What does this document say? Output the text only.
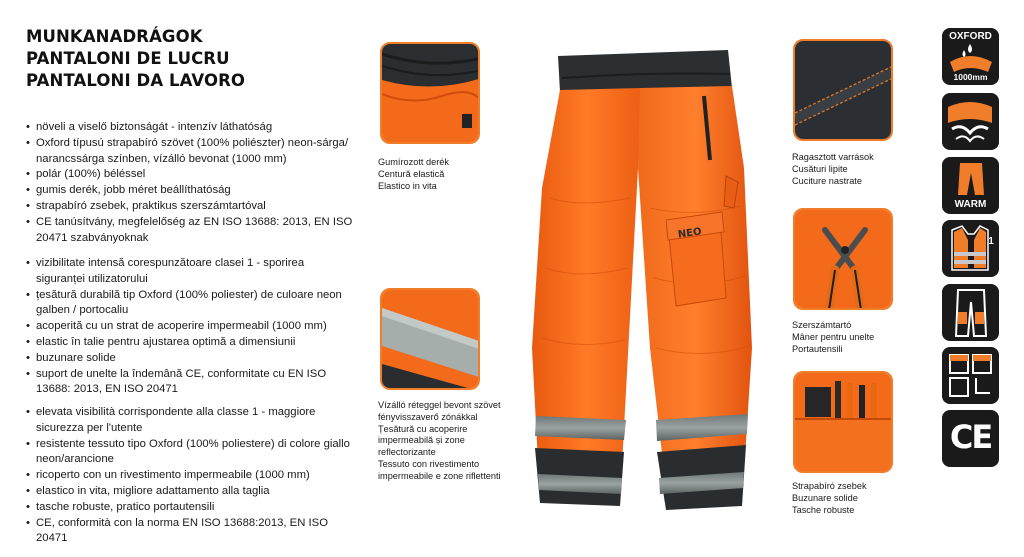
MUNKANADRÁGOK
PANTALONI DE LUCRU
PANTALONI DA LAVORO
• növeli a viselő biztonságát - intenzív láthatóság
• Oxford típusú strapabíró szövet (100% poliészter) neon-sárga/ narancssárga színben, vízálló bevonat (1000 mm)
• polár (100%) béléssel
• gumis derék, jobb méret beállíthatóság
• strapabíró zsebek, praktikus szerszámtartóval
• CE tanúsítvány, megfelelőség az EN ISO 13688: 2013, EN ISO 20471 szabványoknak
• vizibilitate intensă corespunzătoare clasei 1 - sporirea siguranței utilizatorului
• țesătură durabilă tip Oxford (100% poliester) de culoare neon galben / portocaliu
• acoperită cu un strat de acoperire impermeabil (1000 mm)
• elastic în talie pentru ajustarea optimă a dimensiunii
• buzunare solide
• suport de unelte la îndemână CE, conformitate cu EN ISO 13688: 2013, EN ISO 20471
• elevata visibilità corrispondente alla classe 1 - maggiore sicurezza per l'utente
• resistente tessuto tipo Oxford (100% poliestere) di colore giallo neon/arancione
• ricoperto con un rivestimento impermeabile (1000 mm)
• elastico in vita, migliore adattamento alla taglia
• tasche robuste, pratico portautensili
• CE, conformità con la norma EN ISO 13688:2013, EN ISO 20471
NEO
Gumírozott derék
Centură elastică
Elastico in vita
Vízálló réteggel bevont szövet
fényvisszaverő zónákkal
Țesătură cu acoperire
impermeabilă și zone
reflectorizante
Tessuto con rivestimento
impermeabile e zone riflettenti
Ragasztott varrások
Cusături lipite
Cuciture nastrate
Szerszámtartó
Mâner pentru unelte
Portautensili
Strapabíró zsebek
Buzunare solide
Tasche robuste
OXFORD
1000mm
WARM
1
CE
